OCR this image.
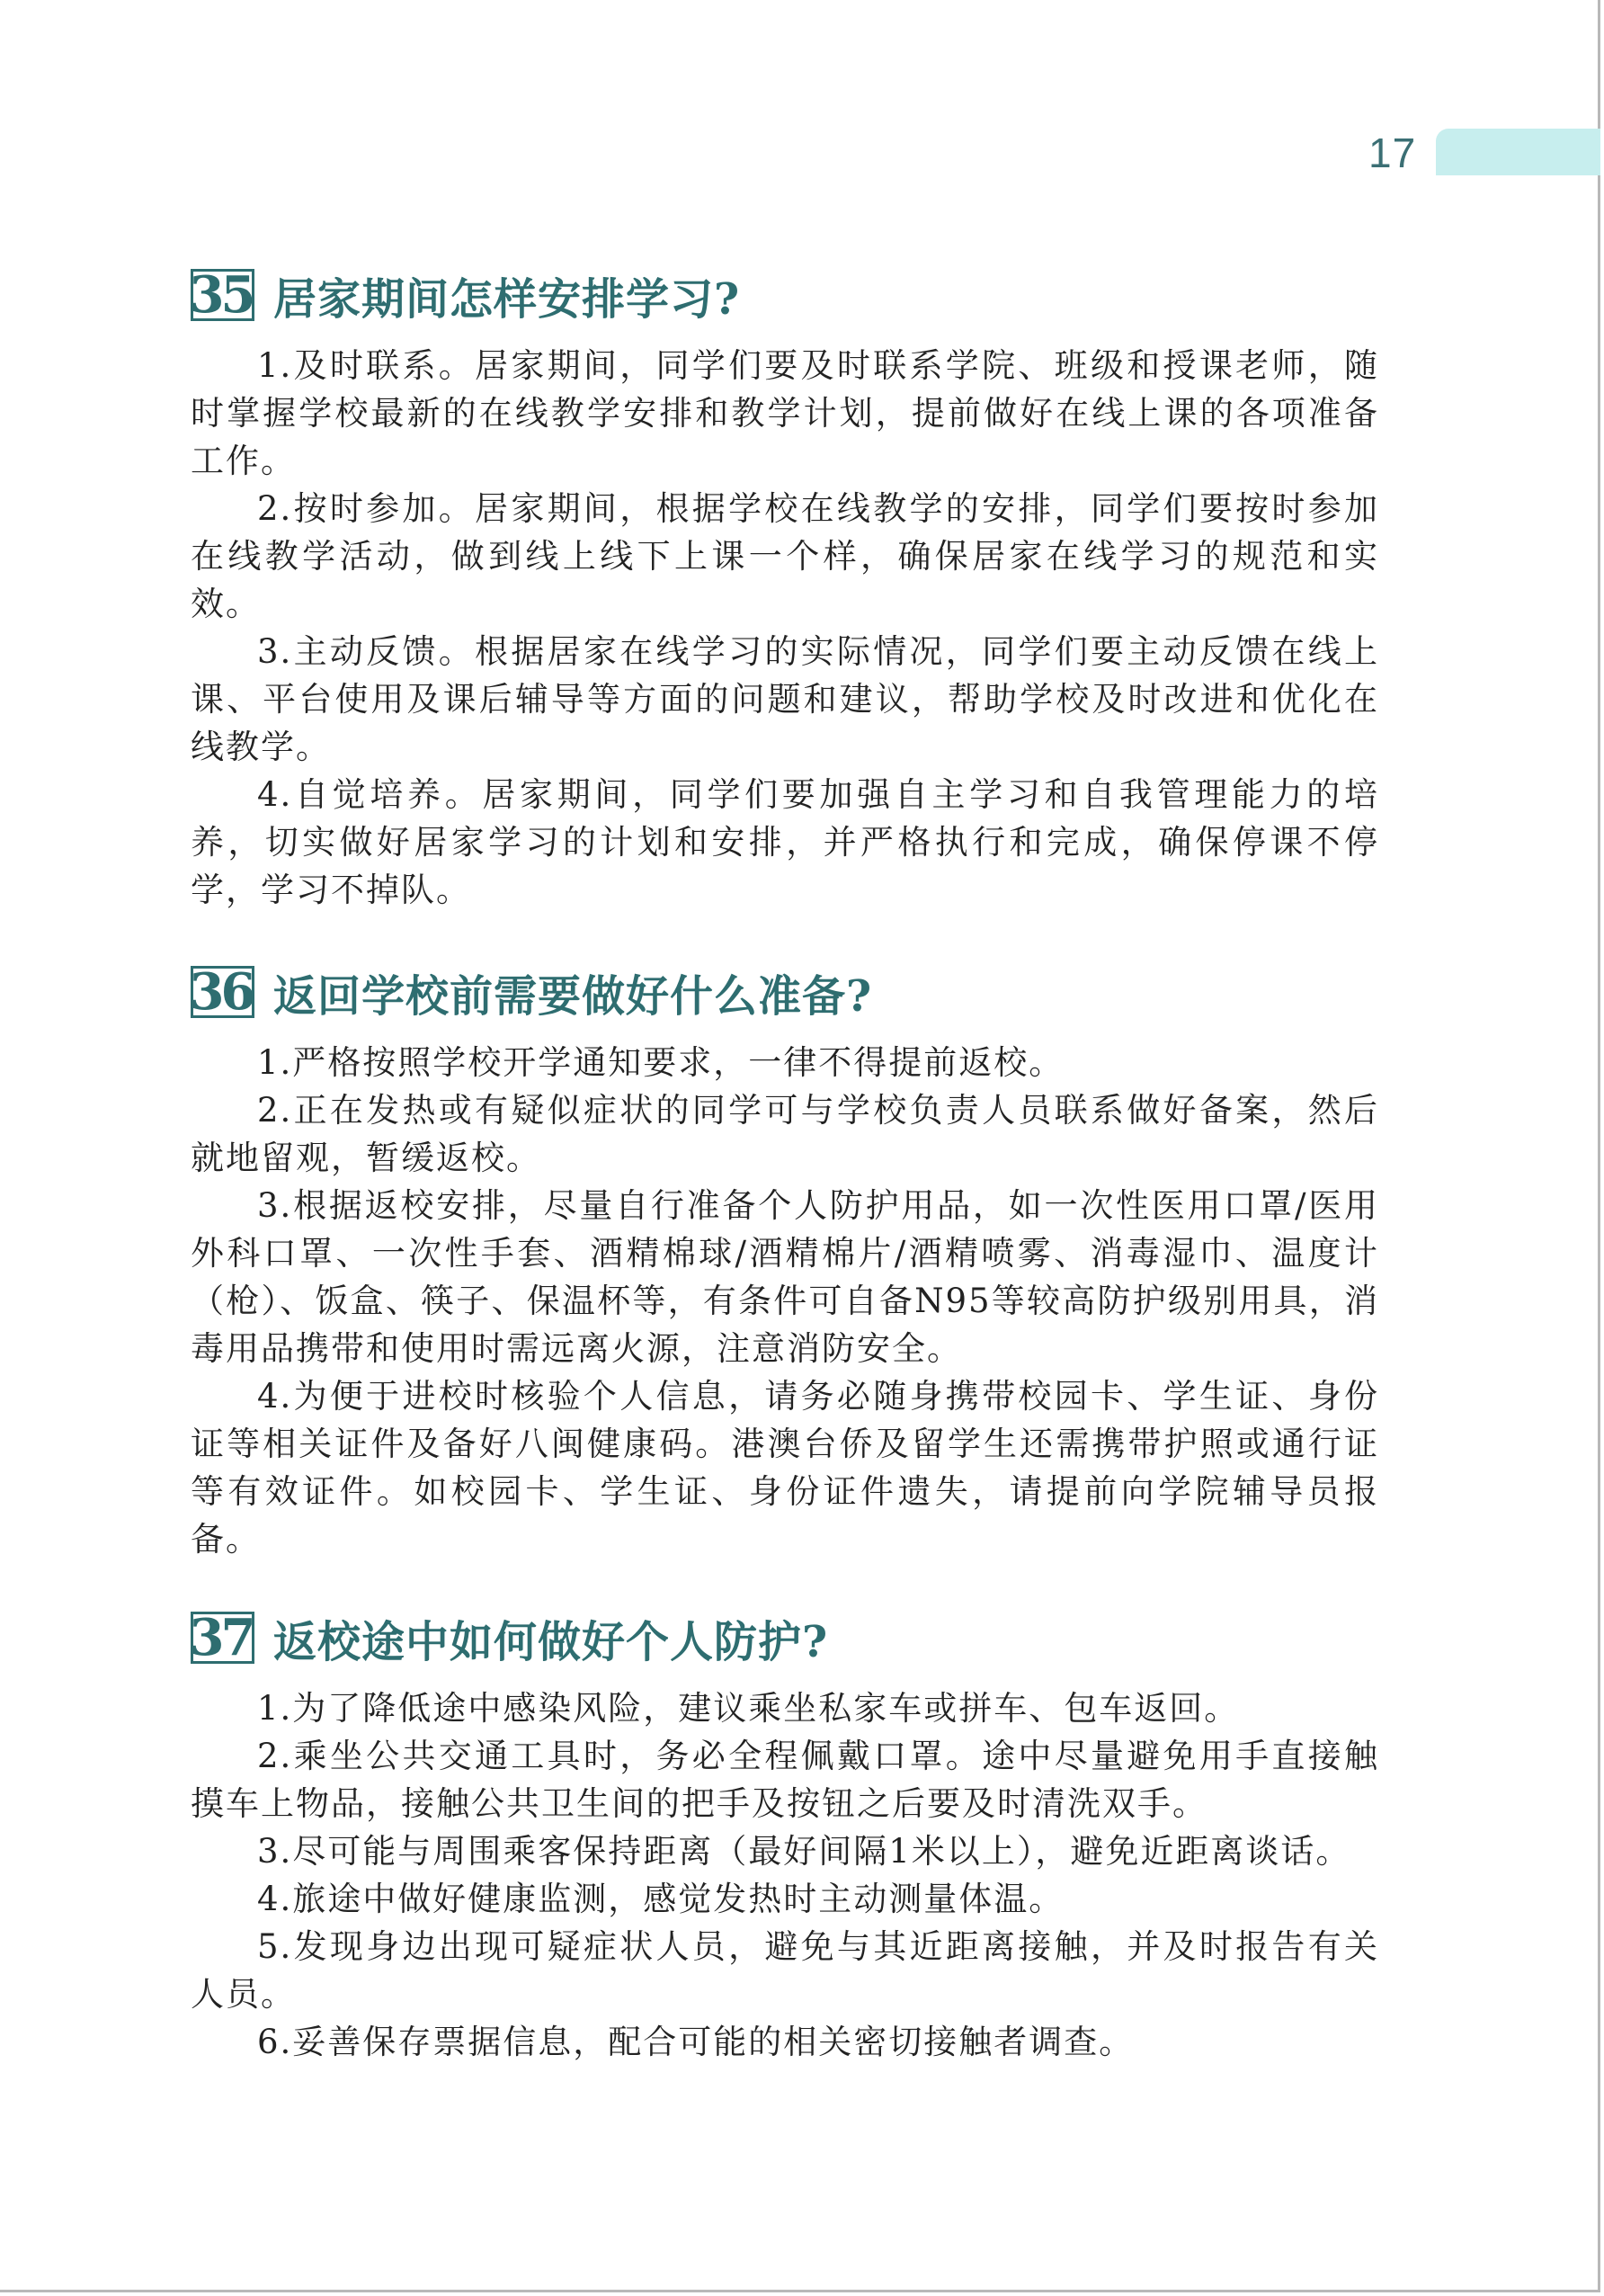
17
35 居家期间怎样安排学习?

1.及时联系。居家期间，同学们要及时联系学院、班级和授课老师，随时掌握学校最新的在线教学安排和教学计划，提前做好在线上课的各项准备工作。

2.按时参加。居家期间，根据学校在线教学的安排，同学们要按时参加在线教学活动，做到线上线下上课一个样，确保居家在线学习的规范和实效。

3.主动反馈。根据居家在线学习的实际情况，同学们要主动反馈在线上课、平台使用及课后辅导等方面的问题和建议，帮助学校及时改进和优化在线教学。

4.自觉培养。居家期间，同学们要加强自主学习和自我管理能力的培养，切实做好居家学习的计划和安排，并严格执行和完成，确保停课不停学，学习不掉队。

36 返回学校前需要做好什么准备?

1.严格按照学校开学通知要求，一律不得提前返校。

2.正在发热或有疑似症状的同学可与学校负责人员联系做好备案，然后就地留观，暂缓返校。

3.根据返校安排，尽量自行准备个人防护用品，如一次性医用口罩/医用外科口罩、一次性手套、酒精棉球/酒精棉片/酒精喷雾、消毒湿巾、温度计（枪）、饭盒、筷子、保温杯等，有条件可自备N95等较高防护级别用具，消毒用品携带和使用时需远离火源，注意消防安全。

4.为便于进校时核验个人信息，请务必随身携带校园卡、学生证、身份证等相关证件及备好八闽健康码。港澳台侨及留学生还需携带护照或通行证等有效证件。如校园卡、学生证、身份证件遗失，请提前向学院辅导员报备。

37 返校途中如何做好个人防护?

1.为了降低途中感染风险，建议乘坐私家车或拼车、包车返回。

2.乘坐公共交通工具时，务必全程佩戴口罩。途中尽量避免用手直接触摸车上物品，接触公共卫生间的把手及按钮之后要及时清洗双手。

3.尽可能与周围乘客保持距离（最好间隔1米以上），避免近距离谈话。

4.旅途中做好健康监测，感觉发热时主动测量体温。

5.发现身边出现可疑症状人员，避免与其近距离接触，并及时报告有关人员。

6.妥善保存票据信息，配合可能的相关密切接触者调查。
